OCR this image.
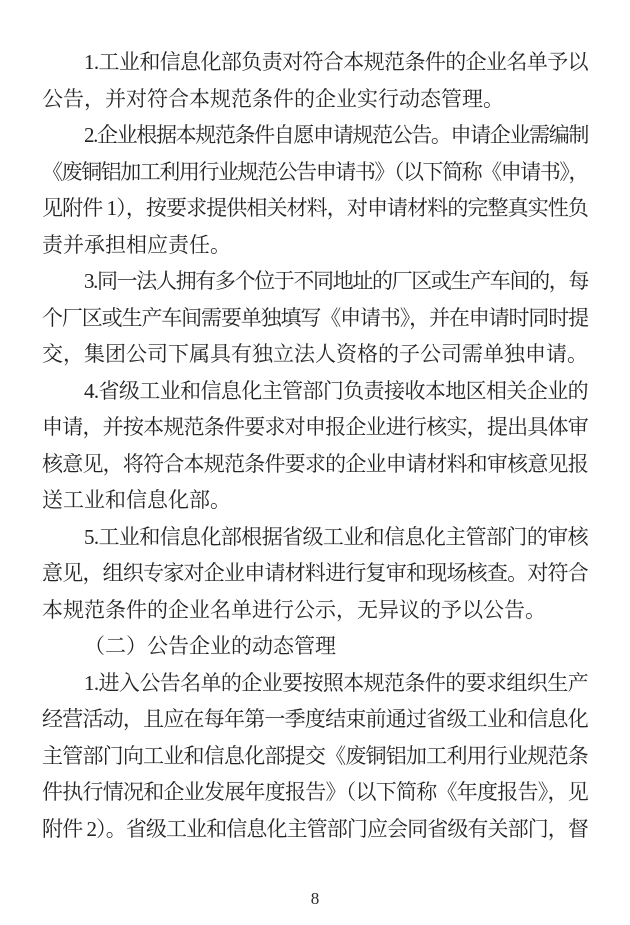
1.工业和信息化部负责对符合本规范条件的企业名单予以
公告，并对符合本规范条件的企业实行动态管理。
2.企业根据本规范条件自愿申请规范公告。申请企业需编制
《废铜铝加工利用行业规范公告申请书》（以下简称《申请书》，
见附件 1），按要求提供相关材料，对申请材料的完整真实性负
责并承担相应责任。
3.同一法人拥有多个位于不同地址的厂区或生产车间的，每
个厂区或生产车间需要单独填写《申请书》，并在申请时同时提
交，集团公司下属具有独立法人资格的子公司需单独申请。
4.省级工业和信息化主管部门负责接收本地区相关企业的
申请，并按本规范条件要求对申报企业进行核实，提出具体审
核意见，将符合本规范条件要求的企业申请材料和审核意见报
送工业和信息化部。
5.工业和信息化部根据省级工业和信息化主管部门的审核
意见，组织专家对企业申请材料进行复审和现场核查。对符合
本规范条件的企业名单进行公示，无异议的予以公告。
（二）公告企业的动态管理
1.进入公告名单的企业要按照本规范条件的要求组织生产
经营活动，且应在每年第一季度结束前通过省级工业和信息化
主管部门向工业和信息化部提交《废铜铝加工利用行业规范条
件执行情况和企业发展年度报告》（以下简称《年度报告》，见
附件 2）。省级工业和信息化主管部门应会同省级有关部门，督
8
